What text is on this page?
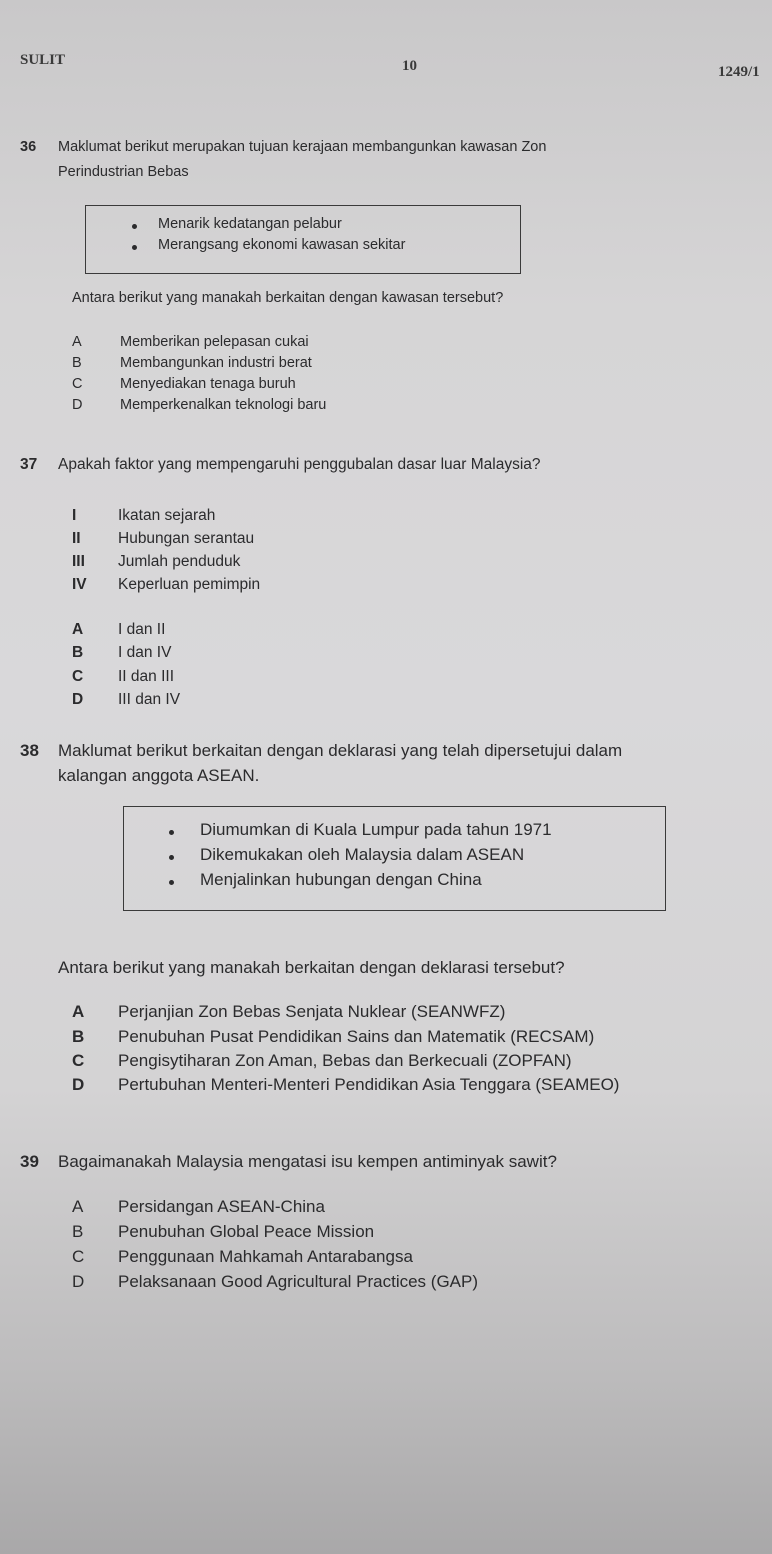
SULIT	10	1249/1
36 Maklumat berikut merupakan tujuan kerajaan membangunkan kawasan Zon
Perindustrian Bebas
Menarik kedatangan pelabur
Merangsang ekonomi kawasan sekitar
Antara berikut yang manakah berkaitan dengan kawasan tersebut?
A	Memberikan pelepasan cukai
B	Membangunkan industri berat
C	Menyediakan tenaga buruh
D	Memperkenalkan teknologi baru
37 Apakah faktor yang mempengaruhi penggubalan dasar luar Malaysia?
I	Ikatan sejarah
II Hubungan serantau
III Jumlah penduduk
IV Keperluan pemimpin
A I dan II
B I dan IV
C II dan III
D III dan IV
38 Maklumat berikut berkaitan dengan deklarasi yang telah dipersetujui dalam
kalangan anggota ASEAN.
Diumumkan di Kuala Lumpur pada tahun 1971
Dikemukakan oleh Malaysia dalam ASEAN
Menjalinkan hubungan dengan China
Antara berikut yang manakah berkaitan dengan deklarasi tersebut?
A Perjanjian Zon Bebas Senjata Nuklear (SEANWFZ)
B Penubuhan Pusat Pendidikan Sains dan Matematik (RECSAM)
C Pengisytiharan Zon Aman, Bebas dan Berkecuali (ZOPFAN)
D Pertubuhan Menteri-Menteri Pendidikan Asia Tenggara (SEAMEO)
39 Bagaimanakah Malaysia mengatasi isu kempen antiminyak sawit?
A Persidangan ASEAN-China
B Penubuhan Global Peace Mission
C Penggunaan Mahkamah Antarabangsa
D Pelaksanaan Good Agricultural Practices (GAP)
